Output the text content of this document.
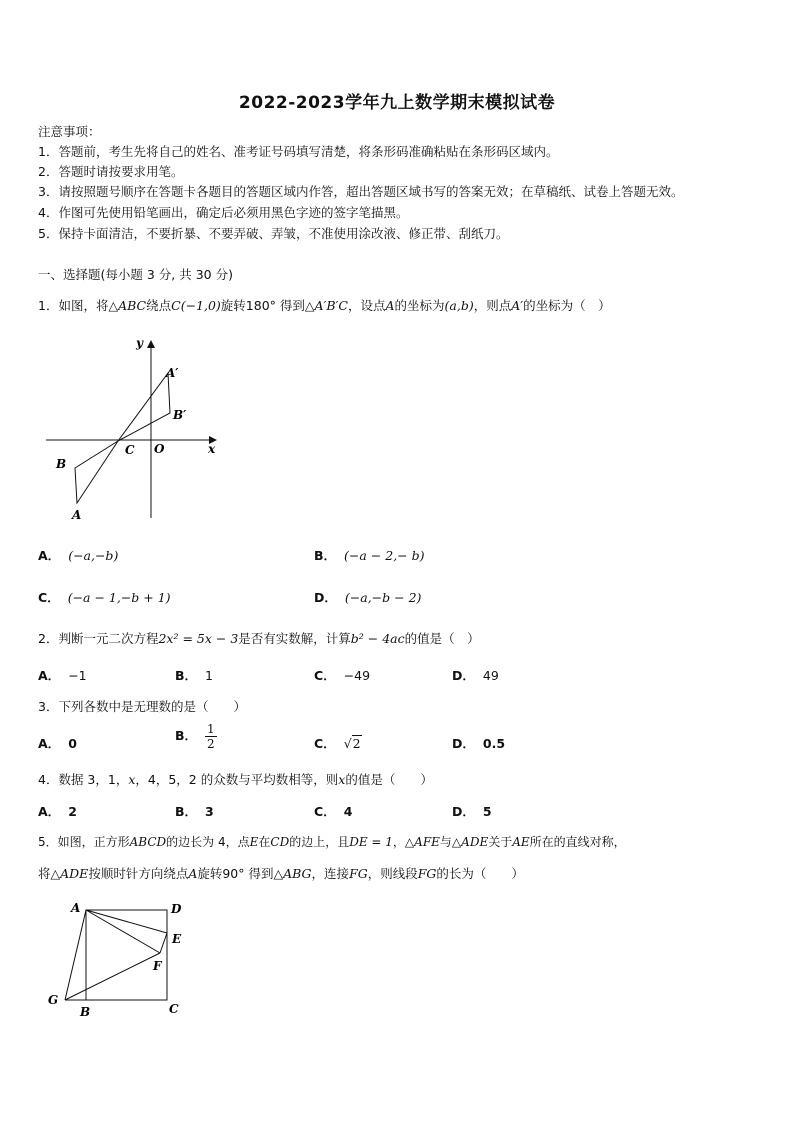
2022-2023学年九上数学期末模拟试卷
注意事项：
1．答题前，考生先将自己的姓名、准考证号码填写清楚，将条形码准确粘贴在条形码区域内。
2．答题时请按要求用笔。
3．请按照题号顺序在答题卡各题目的答题区域内作答，超出答题区域书写的答案无效；在草稿纸、试卷上答题无效。
4．作图可先使用铅笔画出，确定后必须用黑色字迹的签字笔描黑。
5．保持卡面清洁，不要折暴、不要弄破、弄皱，不准使用涂改液、修正带、刮纸刀。
一、选择题(每小题 3 分, 共 30 分)
1．如图，将△ABC绕点C(−1,0)旋转180° 得到△A′B′C，设点A的坐标为(a,b)，则点A′的坐标为（　）
y
x
O
C
B
A
A′
B′
A． (−a,−b)	B． (−a − 2,− b)
C． (−a − 1,−b + 1)	D． (−a,−b − 2)
2．判断一元二次方程2x² = 5x − 3是否有实数解，计算b² − 4ac的值是（　）
A． −1	B． 1	C． −49	D． 49
3．下列各数中是无理数的是（　　）
A． 0
B． $\frac{1}{2}$	C． √2	D． 0.5
4．数据 3，1，x，4，5，2 的众数与平均数相等，则x的值是（　　）
A． 2	B． 3	C． 4	D． 5
5．如图，正方形ABCD的边长为 4，点E在CD的边上，且DE = 1，△AFE与△ADE关于AE所在的直线对称，
将△ADE按顺时针方向绕点A旋转90° 得到△ABG，连接FG，则线段FG的长为（　　）
A	D
E
F
G
B	C
